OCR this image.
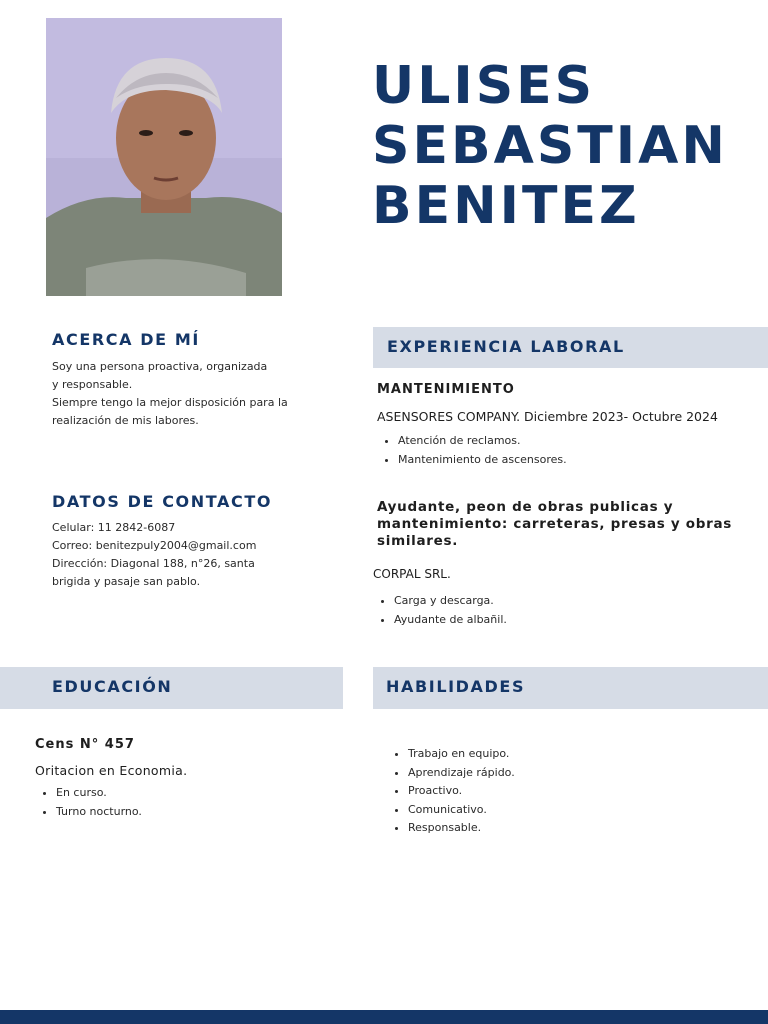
ULISES
SEBASTIAN
BENITEZ
ACERCA DE MÍ

Soy una persona proactiva, organizada

y responsable.

Siempre tengo la mejor disposición para la

realización de mis labores.

DATOS DE CONTACTO

Celular: 11 2842-6087

Correo: benitezpuly2004@gmail.com

Dirección: Diagonal 188, n°26, santa

brigida y pasaje san pablo.

EXPERIENCIA LABORAL
MANTENIMIENTO
ASENSORES COMPANY. Diciembre 2023- Octubre 2024
• Atención de reclamos.
• Mantenimiento de ascensores.
Ayudante, peon de obras publicas y
mantenimiento: carreteras, presas y obras
similares.
CORPAL SRL.
• Carga y descarga.
• Ayudante de albañil.
EDUCACIÓN
Cens N° 457
Oritacion en Economia.
• En curso.
• Turno nocturno.
HABILIDADES
• Trabajo en equipo.
• Aprendizaje rápido.
• Proactivo.
• Comunicativo.
• Responsable.
